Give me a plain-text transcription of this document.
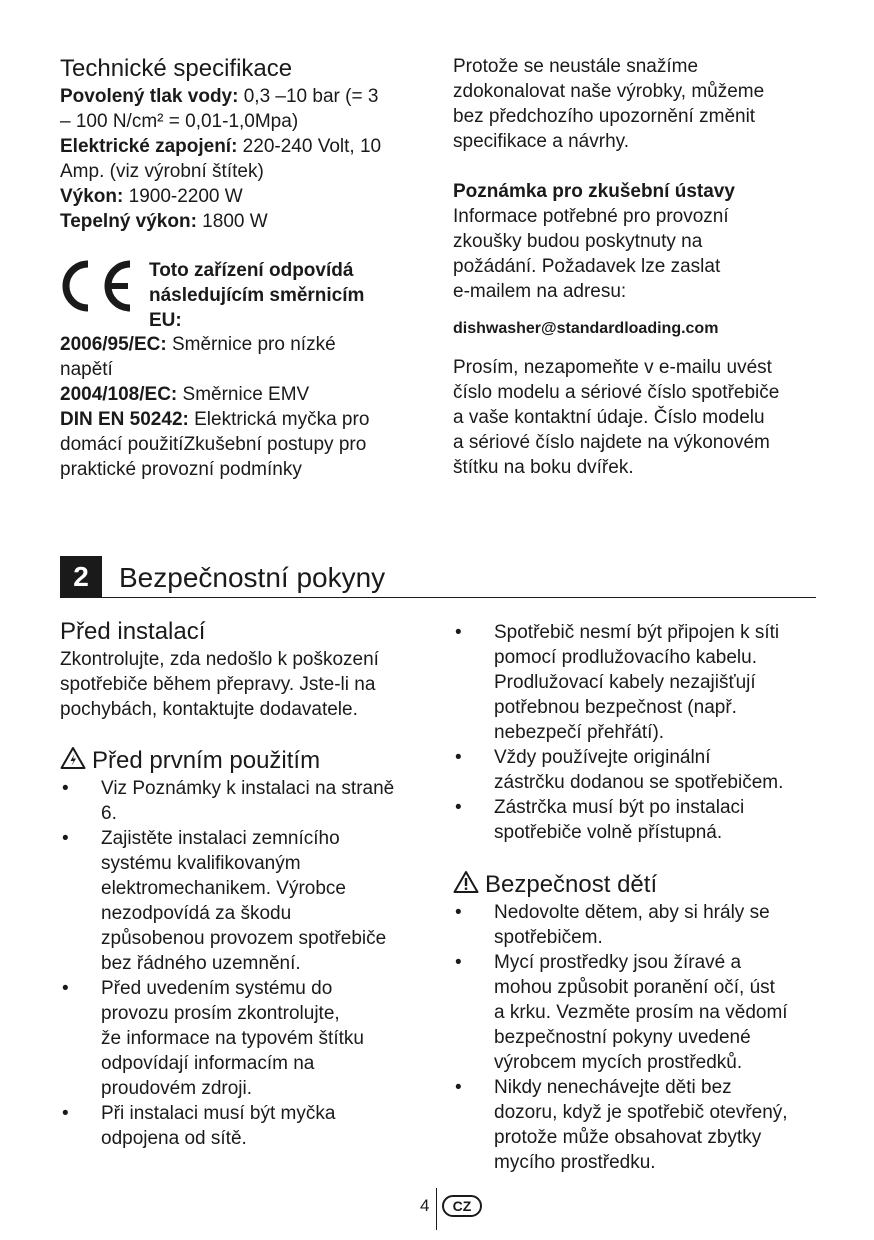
Technické specifikace

Povolený tlak vody: 0,3 –10 bar (= 3

– 100 N/cm² = 0,01-1,0Mpa)

Elektrické zapojení: 220-240 Volt, 10

Amp. (viz výrobní štítek)

Výkon: 1900-2200 W

Tepelný výkon: 1800 W

Toto zařízení odpovídá

následujícím směrnicím

EU:

2006/95/EC: Směrnice pro nízké

napětí

2004/108/EC: Směrnice EMV

DIN EN 50242: Elektrická myčka pro

domácí použitíZkušební postupy pro

praktické provozní podmínky

Protože se neustále snažíme

zdokonalovat naše výrobky, můžeme

bez předchozího upozornění změnit

specifikace a návrhy.

Poznámka pro zkušební ústavy

Informace potřebné pro provozní

zkoušky budou poskytnuty na

požádání. Požadavek lze zaslat

e-mailem na adresu:

dishwasher@standardloading.com

Prosím, nezapomeňte v e-mailu uvést

číslo modelu a sériové číslo spotřebiče

a vaše kontaktní údaje. Číslo modelu

a sériové číslo najdete na výkonovém

štítku na boku dvířek.

2	Bezpečnostní pokyny

Před instalací

Zkontrolujte, zda nedošlo k poškození

spotřebiče během přepravy. Jste-li na

pochybách, kontaktujte dodavatele.

Před prvním použitím

• Viz Poznámky k instalaci na straně

6.

• Zajistěte instalaci zemnícího

systému kvalifikovaným

elektromechanikem. Výrobce

nezodpovídá za škodu

způsobenou provozem spotřebiče

bez řádného uzemnění.

• Před uvedením systému do

provozu prosím zkontrolujte,

že informace na typovém štítku

odpovídají informacím na

proudovém zdroji.

• Při instalaci musí být myčka

odpojena od sítě.

• Spotřebič nesmí být připojen k síti

pomocí prodlužovacího kabelu.

Prodlužovací kabely nezajišťují

potřebnou bezpečnost (např.

nebezpečí přehřátí).

• Vždy používejte originální

zástrčku dodanou se spotřebičem.

• Zástrčka musí být po instalaci

spotřebiče volně přístupná.

Bezpečnost dětí

• Nedovolte dětem, aby si hrály se

spotřebičem.

• Mycí prostředky jsou žíravé a

mohou způsobit poranění očí, úst

a krku. Vezměte prosím na vědomí

bezpečnostní pokyny uvedené

výrobcem mycích prostředků.

• Nikdy nenechávejte děti bez

dozoru, když je spotřebič otevřený,

protože může obsahovat zbytky

mycího prostředku.

4	CZ
